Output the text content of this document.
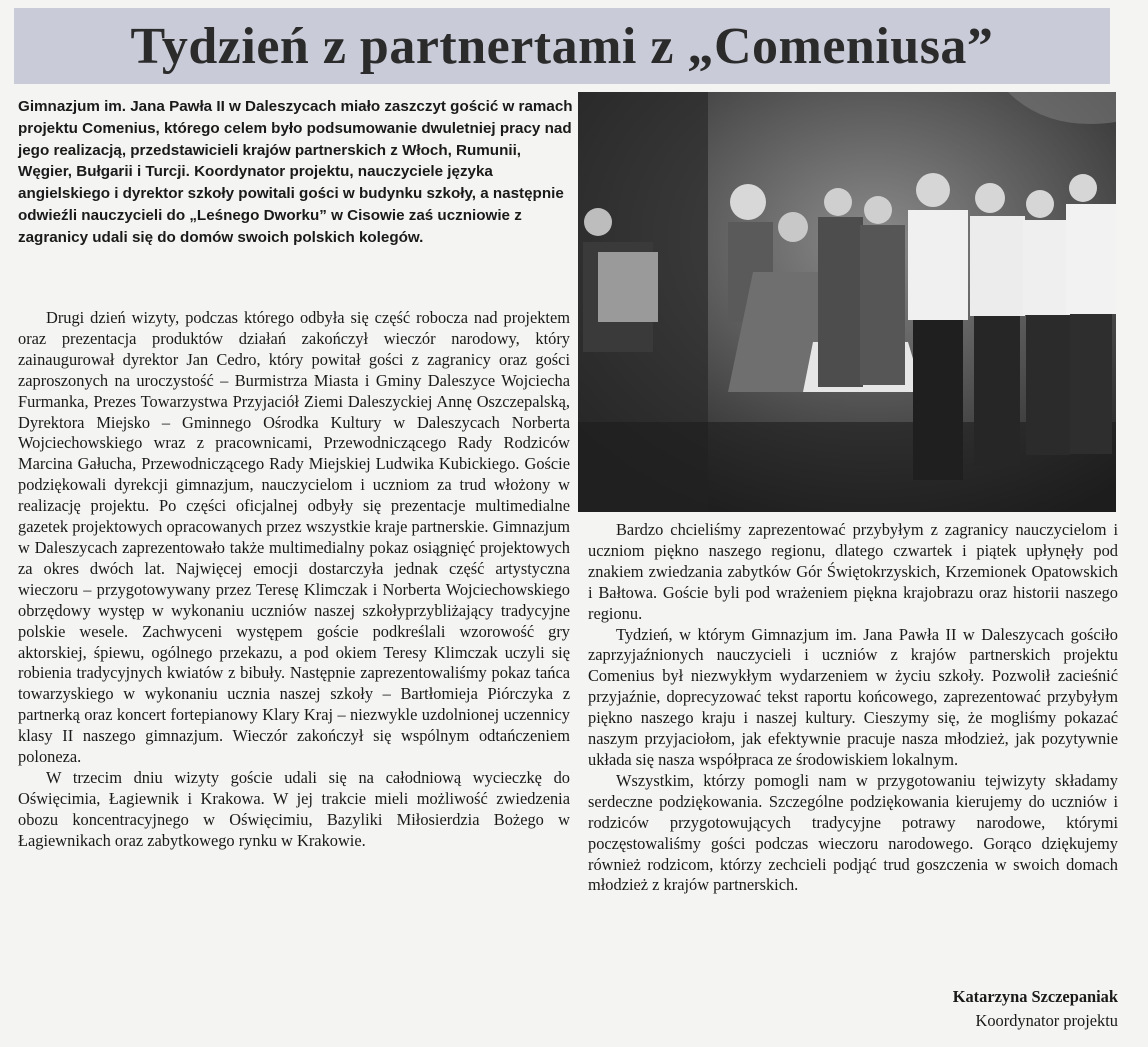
Tydzień z partnertami z „Comeniusa”

Gimnazjum im. Jana Pawła II w Daleszycach miało zaszczyt gościć w ramach projektu Comenius, którego celem było podsumowanie dwuletniej pracy nad jego realizacją, przedstawicieli krajów partnerskich z Włoch, Rumunii, Węgier, Bułgarii i Turcji. Koordynator projektu, nauczyciele języka angielskiego i dyrektor szkoły powitali gości w budynku szkoły, a następnie odwieźli nauczycieli do „Leśnego Dworku” w Cisowie zaś uczniowie z zagranicy udali się do domów swoich polskich kolegów.

Drugi dzień wizyty, podczas którego odbyła się część robocza nad projektem oraz prezentacja produktów działań zakończył wieczór narodowy, który zainaugurował dyrektor Jan Cedro, który powitał gości z zagranicy oraz gości zaproszonych na uroczystość – Burmistrza Miasta i Gminy Daleszyce Wojciecha Furmanka, Prezes Towarzystwa Przyjaciół Ziemi Daleszyckiej Annę Oszczepalską, Dyrektora Miejsko – Gminnego Ośrodka Kultury w Daleszycach Norberta Wojciechowskiego wraz z pracownicami, Przewodniczącego Rady Rodziców Marcina Gałucha, Przewodniczącego Rady Miejskiej Ludwika Kubickiego. Goście podziękowali dyrekcji gimnazjum, nauczycielom i uczniom za trud włożony w realizację projektu. Po części oficjalnej odbyły się prezentacje multimedialne gazetek projektowych opracowanych przez wszystkie kraje partnerskie. Gimnazjum w Daleszycach zaprezentowało także multimedialny pokaz osiągnięć projektowych za okres dwóch lat. Najwięcej emocji dostarczyła jednak część artystyczna wieczoru – przygotowywany przez Teresę Klimczak i Norberta Wojciechowskiego obrzędowy występ w wykonaniu uczniów naszej szkołyprzybliżający tradycyjne polskie wesele. Zachwyceni występem goście podkreślali wzorowość gry aktorskiej, śpiewu, ogólnego przekazu, a pod okiem Teresy Klimczak uczyli się robienia tradycyjnych kwiatów z bibuły. Następnie zaprezentowaliśmy pokaz tańca towarzyskiego w wykonaniu ucznia naszej szkoły – Bartłomieja Piórczyka z partnerką oraz koncert fortepianowy Klary Kraj – niezwykle uzdolnionej uczennicy klasy II naszego gimnazjum. Wieczór zakończył się wspólnym odtańczeniem poloneza.

W trzecim dniu wizyty goście udali się na całodniową wycieczkę do Oświęcimia, Łagiewnik i Krakowa. W jej trakcie mieli możliwość zwiedzenia obozu koncentracyjnego w Oświęcimiu, Bazyliki Miłosierdzia Bożego w Łagiewnikach oraz zabytkowego rynku w Krakowie.

Bardzo chcieliśmy zaprezentować przybyłym z zagranicy nauczycielom i uczniom piękno naszego regionu, dlatego czwartek i piątek upłynęły pod znakiem zwiedzania zabytków Gór Świętokrzyskich, Krzemionek Opatowskich i Bałtowa. Goście byli pod wrażeniem piękna krajobrazu oraz historii naszego regionu.

Tydzień, w którym Gimnazjum im. Jana Pawła II w Daleszycach gościło zaprzyjaźnionych nauczycieli i uczniów z krajów partnerskich projektu Comenius był niezwykłym wydarzeniem w życiu szkoły. Pozwolił zacieśnić przyjaźnie, doprecyzować tekst raportu końcowego, zaprezentować przybyłym piękno naszego kraju i naszej kultury. Cieszymy się, że mogliśmy pokazać naszym przyjaciołom, jak efektywnie pracuje nasza młodzież, jak pozytywnie układa się nasza współpraca ze środowiskiem lokalnym.

Wszystkim, którzy pomogli nam w przygotowaniu tejwizyty składamy serdeczne podziękowania. Szczególne podziękowania kierujemy do uczniów i rodziców przygotowujących tradycyjne potrawy narodowe, którymi poczęstowaliśmy gości podczas wieczoru narodowego. Gorąco dziękujemy również rodzicom, którzy zechcieli podjąć trud goszczenia w swoich domach młodzież z krajów partnerskich.

Katarzyna Szczepaniak
Koordynator projektu
